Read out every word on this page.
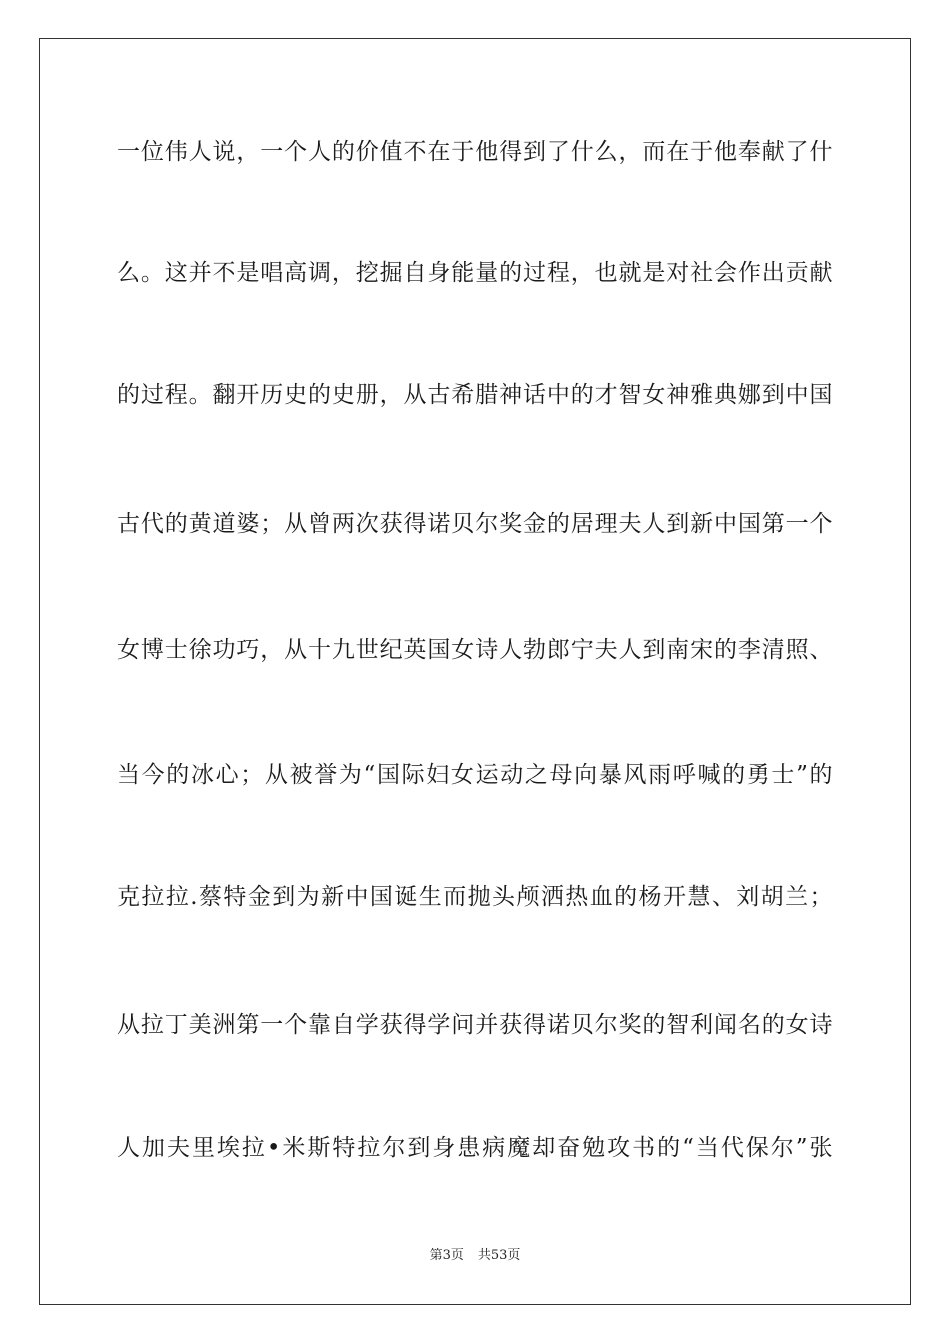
一位伟人说，一个人的价值不在于他得到了什么，而在于他奉献了什
么。这并不是唱高调，挖掘自身能量的过程，也就是对社会作出贡献
的过程。翻开历史的史册，从古希腊神话中的才智女神雅典娜到中国
古代的黄道婆；从曾两次获得诺贝尔奖金的居理夫人到新中国第一个
女博士徐功巧，从十九世纪英国女诗人勃郎宁夫人到南宋的李清照、
当今的冰心；从被誉为“国际妇女运动之母向暴风雨呼喊的勇士”的
克拉拉.蔡特金到为新中国诞生而抛头颅洒热血的杨开慧、刘胡兰；
从拉丁美洲第一个靠自学获得学问并获得诺贝尔奖的智利闻名的女诗
人加夫里埃拉•米斯特拉尔到身患病魔却奋勉攻书的“当代保尔”张
第3页 共53页
